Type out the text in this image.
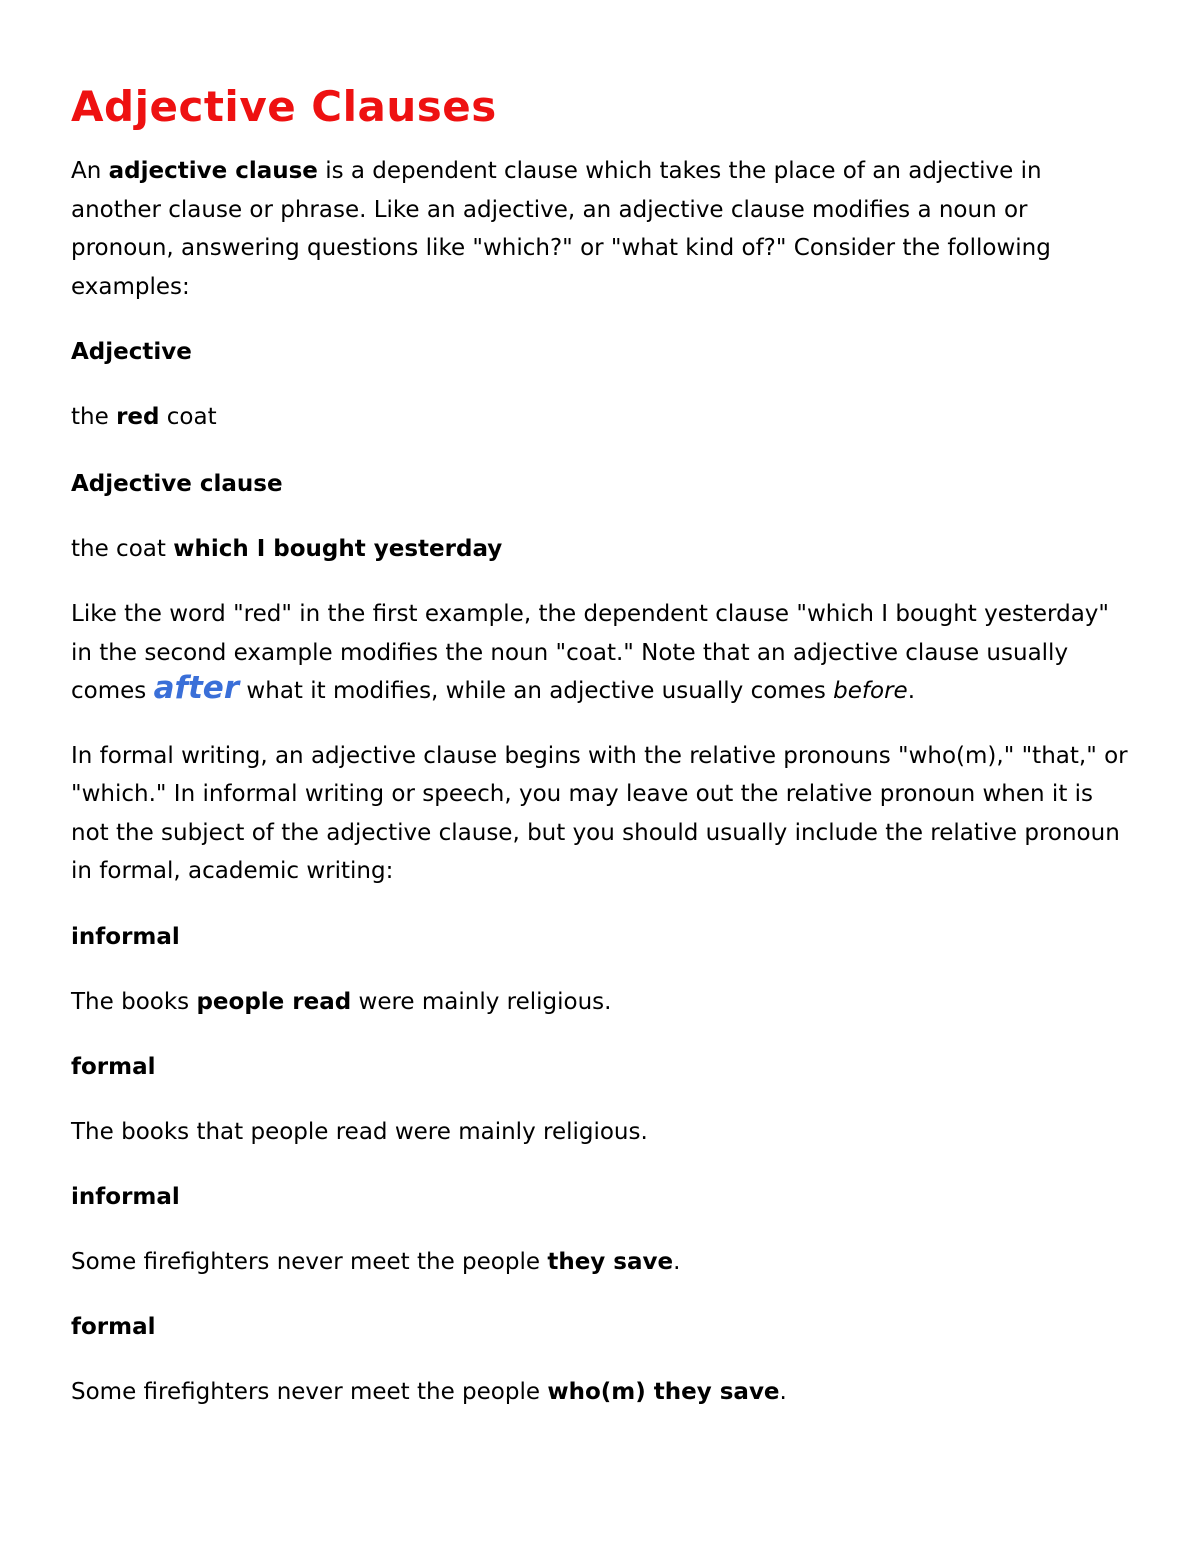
Adjective Clauses

An adjective clause is a dependent clause which takes the place of an adjective in another clause or phrase. Like an adjective, an adjective clause modifies a noun or pronoun, answering questions like "which?" or "what kind of?" Consider the following examples:

Adjective

the red coat

Adjective clause

the coat which I bought yesterday

Like the word "red" in the first example, the dependent clause "which I bought yesterday" in the second example modifies the noun "coat." Note that an adjective clause usually comes after what it modifies, while an adjective usually comes before.

In formal writing, an adjective clause begins with the relative pronouns "who(m)," "that," or "which." In informal writing or speech, you may leave out the relative pronoun when it is not the subject of the adjective clause, but you should usually include the relative pronoun in formal, academic writing:

informal

The books people read were mainly religious.

formal

The books that people read were mainly religious.

informal

Some firefighters never meet the people they save.

formal

Some firefighters never meet the people who(m) they save.
